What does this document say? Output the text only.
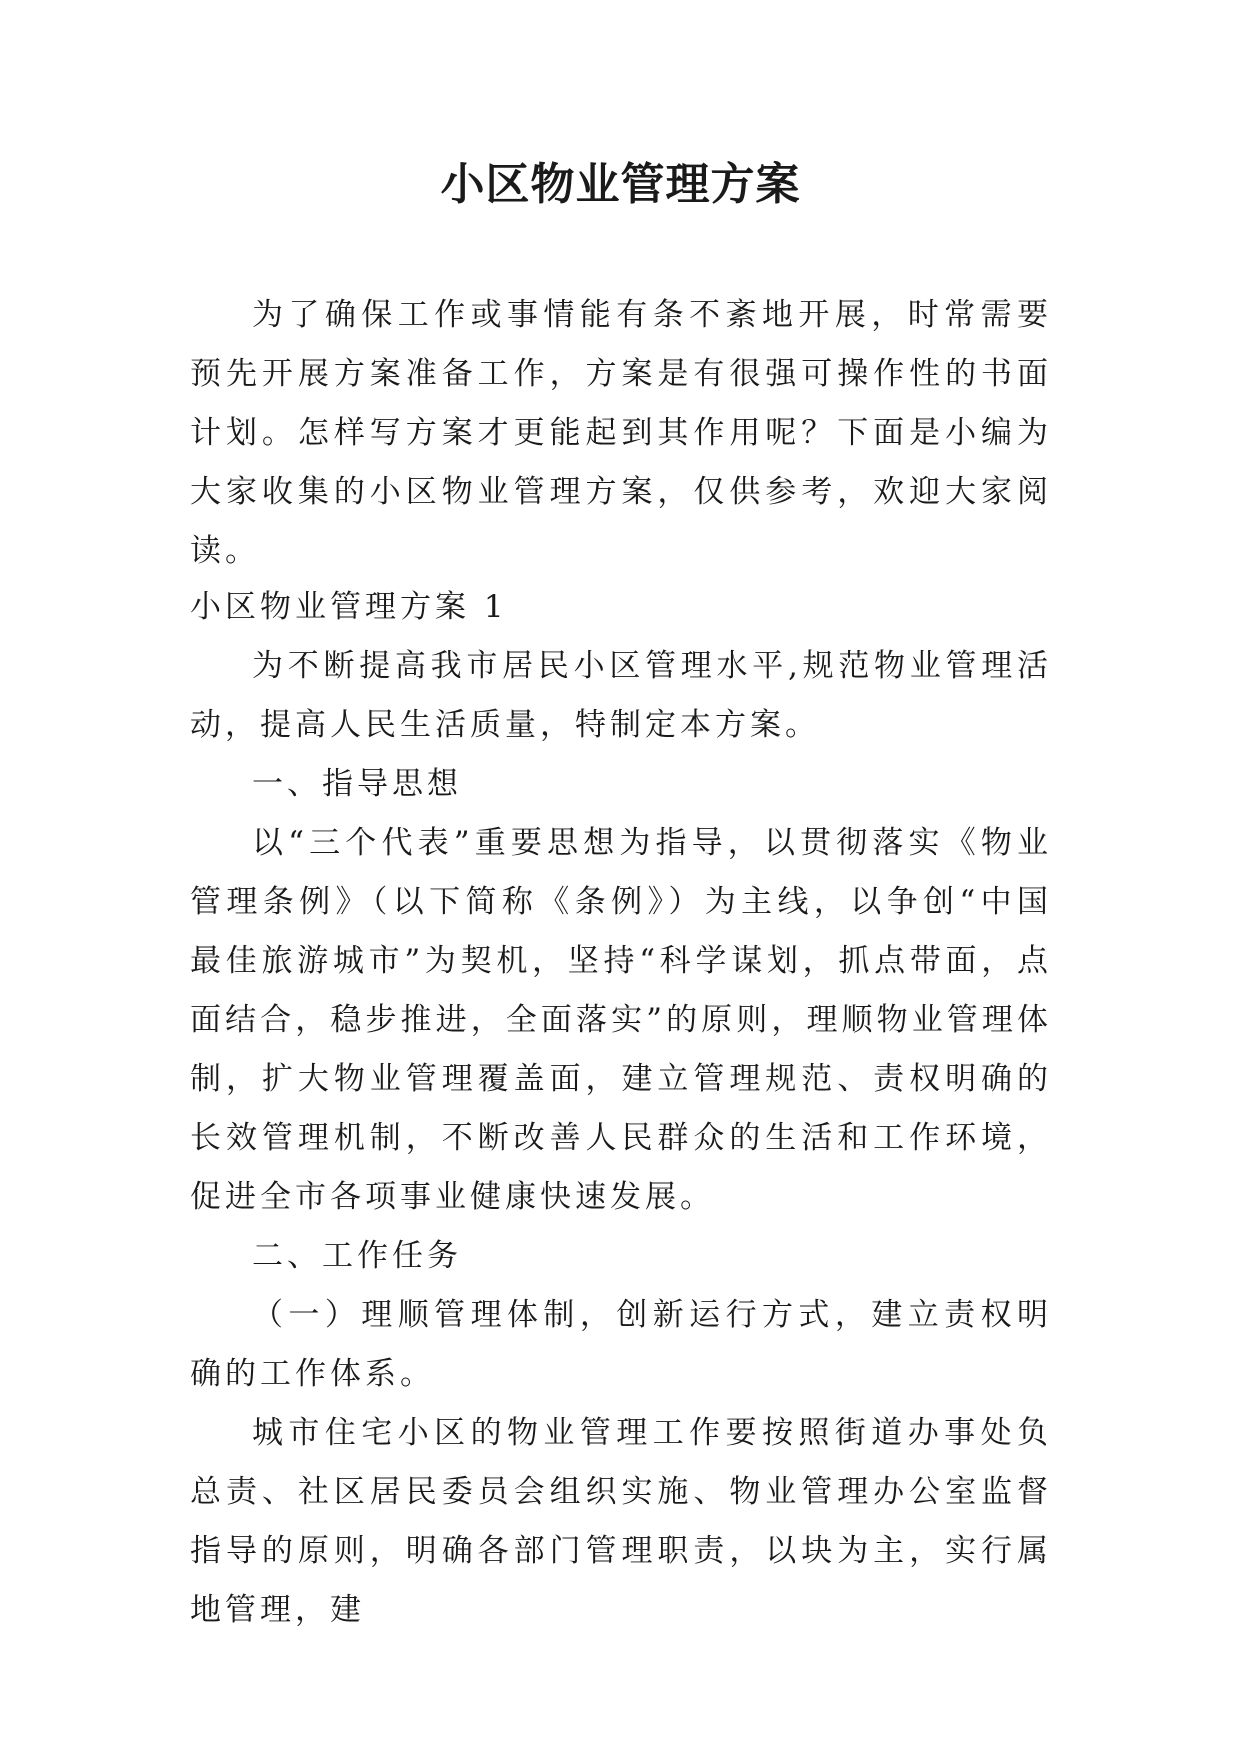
小区物业管理方案

为了确保工作或事情能有条不紊地开展，时常需要预先开展方案准备工作，方案是有很强可操作性的书面计划。怎样写方案才更能起到其作用呢？下面是小编为大家收集的小区物业管理方案，仅供参考，欢迎大家阅读。

小区物业管理方案 1

为不断提高我市居民小区管理水平,规范物业管理活动，提高人民生活质量，特制定本方案。

一、指导思想

以“三个代表”重要思想为指导，以贯彻落实《物业管理条例》（以下简称《条例》）为主线，以争创“中国最佳旅游城市”为契机，坚持“科学谋划，抓点带面，点面结合，稳步推进，全面落实”的原则，理顺物业管理体制，扩大物业管理覆盖面，建立管理规范、责权明确的长效管理机制，不断改善人民群众的生活和工作环境，促进全市各项事业健康快速发展。

二、工作任务

（一）理顺管理体制，创新运行方式，建立责权明确的工作体系。

城市住宅小区的物业管理工作要按照街道办事处负总责、社区居民委员会组织实施、物业管理办公室监督指导的原则，明确各部门管理职责，以块为主，实行属地管理，建
